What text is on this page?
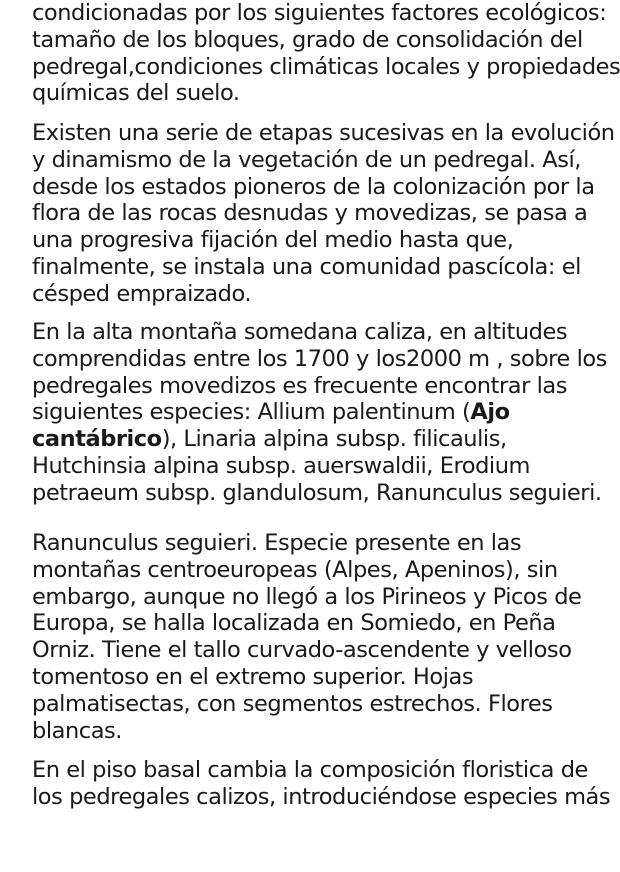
condicionadas por los siguientes factores ecológicos:
tamaño de los bloques, grado de consolidación del
pedregal,condiciones climáticas locales y propiedades
químicas del suelo.

Existen una serie de etapas sucesivas en la evolución
y dinamismo de la vegetación de un pedregal. Así,
desde los estados pioneros de la colonización por la
flora de las rocas desnudas y movedizas, se pasa a
una progresiva fijación del medio hasta que,
finalmente, se instala una comunidad pascícola: el
césped empraizado.

En la alta montaña somedana caliza, en altitudes
comprendidas entre los 1700 y los2000 m , sobre los
pedregales movedizos es frecuente encontrar las
siguientes especies: Allium palentinum (Ajo
cantábrico), Linaria alpina subsp. filicaulis,
Hutchinsia alpina subsp. auerswaldii, Erodium
petraeum subsp. glandulosum, Ranunculus seguieri.

Ranunculus seguieri. Especie presente en las
montañas centroeuropeas (Alpes, Apeninos), sin
embargo, aunque no llegó a los Pirineos y Picos de
Europa, se halla localizada en Somiedo, en Peña
Orniz. Tiene el tallo curvado-ascendente y velloso
tomentoso en el extremo superior. Hojas
palmatisectas, con segmentos estrechos. Flores
blancas.

En el piso basal cambia la composición floristica de
los pedregales calizos, introduciéndose especies más
